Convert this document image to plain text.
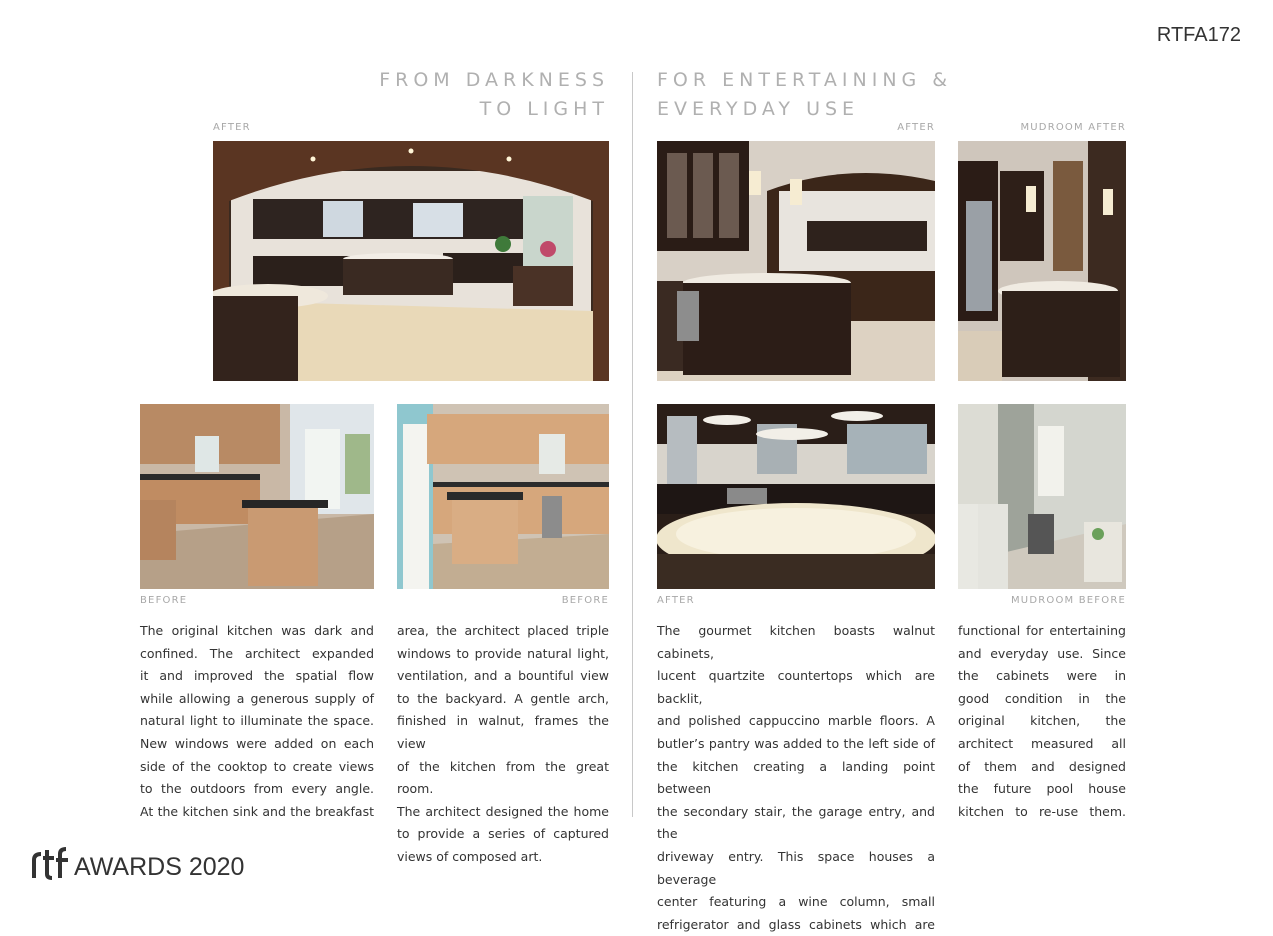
RTFA172
FROM DARKNESS
TO LIGHT
FOR ENTERTAINING &
EVERYDAY USE
AFTER	AFTER	MUDROOM AFTER
BEFORE	BEFORE	AFTER	MUDROOM BEFORE
The original kitchen was dark and
confined. The architect expanded
it and improved the spatial flow
while allowing a generous supply of
natural light to illuminate the space.
New windows were added on each
side of the cooktop to create views
to the outdoors from every angle.
At the kitchen sink and the breakfast
area, the architect placed triple
windows to provide natural light,
ventilation, and a bountiful view
to the backyard. A gentle arch,
finished in walnut, frames the view
of the kitchen from the great room.
The architect designed the home
to provide a series of captured
views of composed art.
The gourmet kitchen boasts walnut cabinets,
lucent quartzite countertops which are backlit,
and polished cappuccino marble floors. A
butler’s pantry was added to the left side of
the kitchen creating a landing point between
the secondary stair, the garage entry, and the
driveway entry. This space houses a beverage
center featuring a wine column, small
refrigerator and glass cabinets which are
functional for entertaining
and everyday use. Since
the cabinets were in
good condition in the
original kitchen, the
architect measured all
of them and designed
the future pool house
kitchen to re-use them.
AWARDS 2020
